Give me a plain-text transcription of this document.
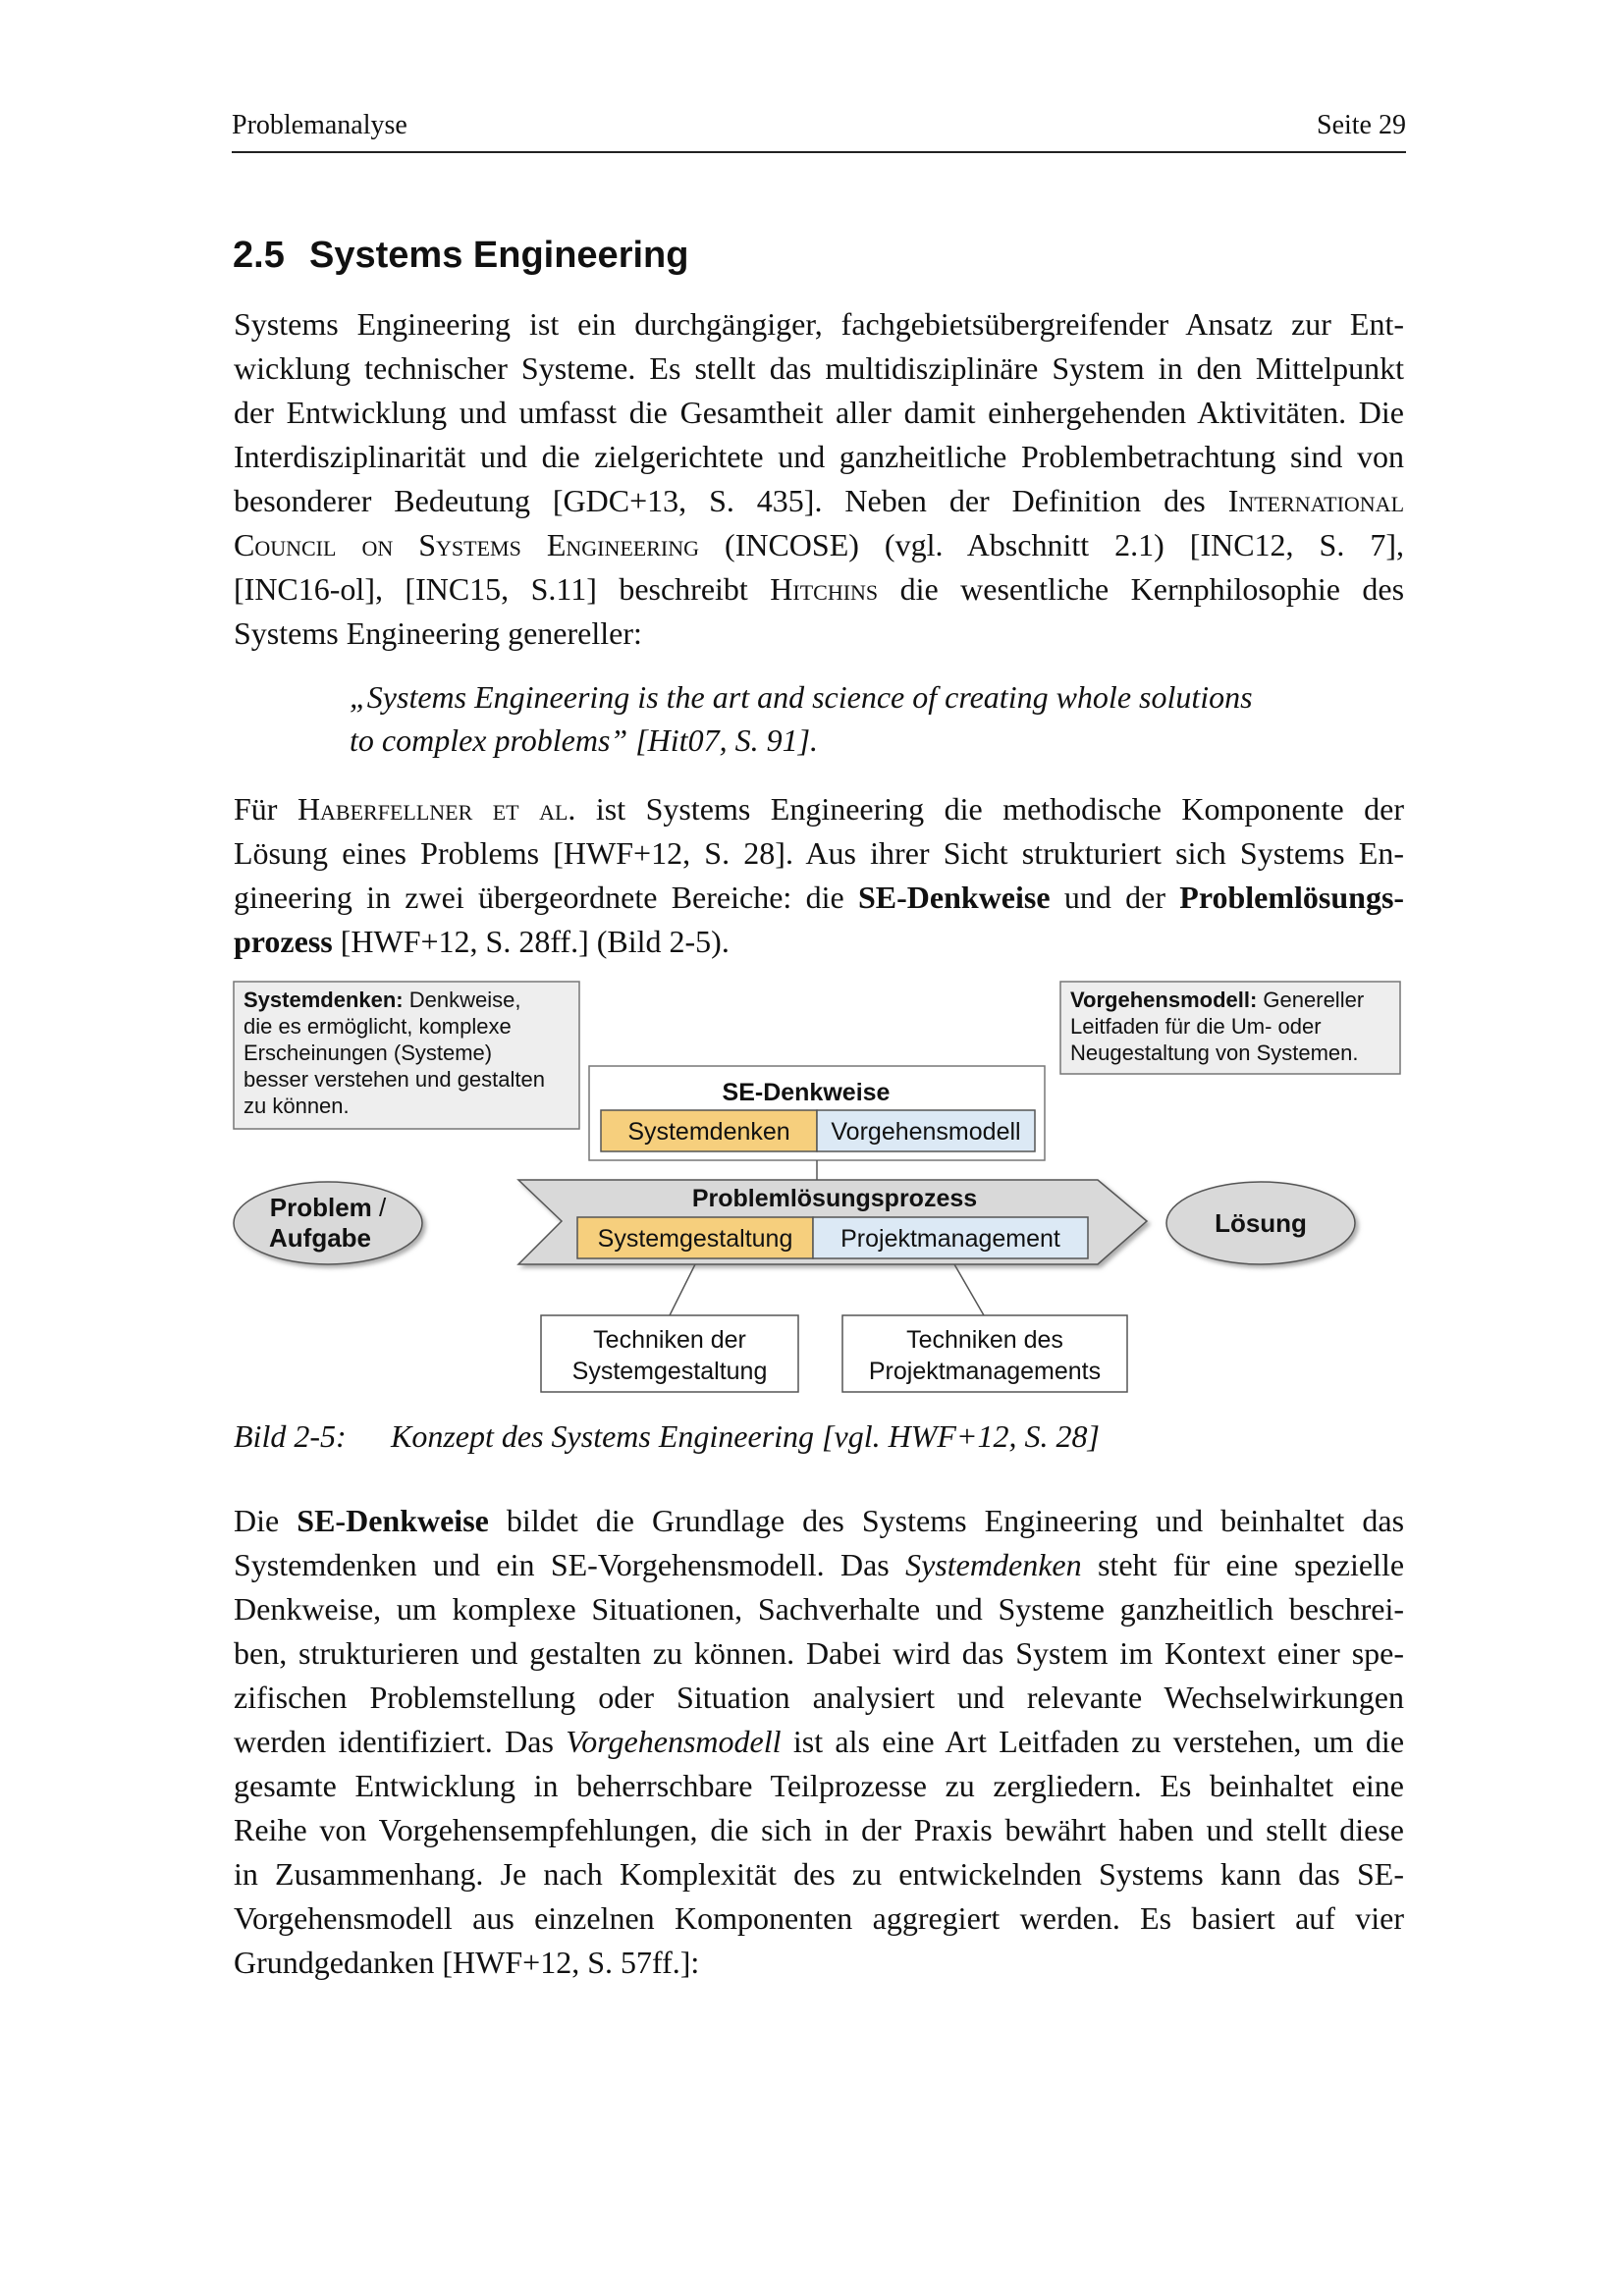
Problemanalyse	Seite 29
2.5 Systems Engineering
Systems Engineering ist ein durchgängiger, fachgebietsübergreifender Ansatz zur Ent-
wicklung technischer Systeme. Es stellt das multidisziplinäre System in den Mittelpunkt
der Entwicklung und umfasst die Gesamtheit aller damit einhergehenden Aktivitäten. Die
Interdisziplinarität und die zielgerichtete und ganzheitliche Problembetrachtung sind von
besonderer Bedeutung [GDC+13, S. 435]. Neben der Definition des International
Council on Systems Engineering (INCOSE) (vgl. Abschnitt 2.1) [INC12, S. 7],
[INC16-ol], [INC15, S.11] beschreibt Hitchins die wesentliche Kernphilosophie des
Systems Engineering genereller:
„Systems Engineering is the art and science of creating whole solutions
to complex problems” [Hit07, S. 91].
Für Haberfellner et al. ist Systems Engineering die methodische Komponente der
Lösung eines Problems [HWF+12, S. 28]. Aus ihrer Sicht strukturiert sich Systems En-
gineering in zwei übergeordnete Bereiche: die SE-Denkweise und der Problemlösungs-
prozess [HWF+12, S. 28ff.] (Bild 2-5).
Systemdenken: Denkweise,
die es ermöglicht, komplexe
Erscheinungen (Systeme)
besser verstehen und gestalten
zu können.
Vorgehensmodell: Genereller
Leitfaden für die Um- oder
Neugestaltung von Systemen.
SE-Denkweise
Systemdenken Vorgehensmodell
Problem /
Aufgabe
Problemlösungsprozess
Systemgestaltung Projektmanagement
Lösung
Techniken der
Systemgestaltung
Techniken des
Projektmanagements

Bild 2-5: Konzept des Systems Engineering [vgl. HWF+12, S. 28]

Die SE-Denkweise bildet die Grundlage des Systems Engineering und beinhaltet das
Systemdenken und ein SE-Vorgehensmodell. Das Systemdenken steht für eine spezielle
Denkweise, um komplexe Situationen, Sachverhalte und Systeme ganzheitlich beschrei-
ben, strukturieren und gestalten zu können. Dabei wird das System im Kontext einer spe-
zifischen Problemstellung oder Situation analysiert und relevante Wechselwirkungen
werden identifiziert. Das Vorgehensmodell ist als eine Art Leitfaden zu verstehen, um die
gesamte Entwicklung in beherrschbare Teilprozesse zu zergliedern. Es beinhaltet eine
Reihe von Vorgehensempfehlungen, die sich in der Praxis bewährt haben und stellt diese
in Zusammenhang. Je nach Komplexität des zu entwickelnden Systems kann das SE-
Vorgehensmodell aus einzelnen Komponenten aggregiert werden. Es basiert auf vier
Grundgedanken [HWF+12, S. 57ff.]:
